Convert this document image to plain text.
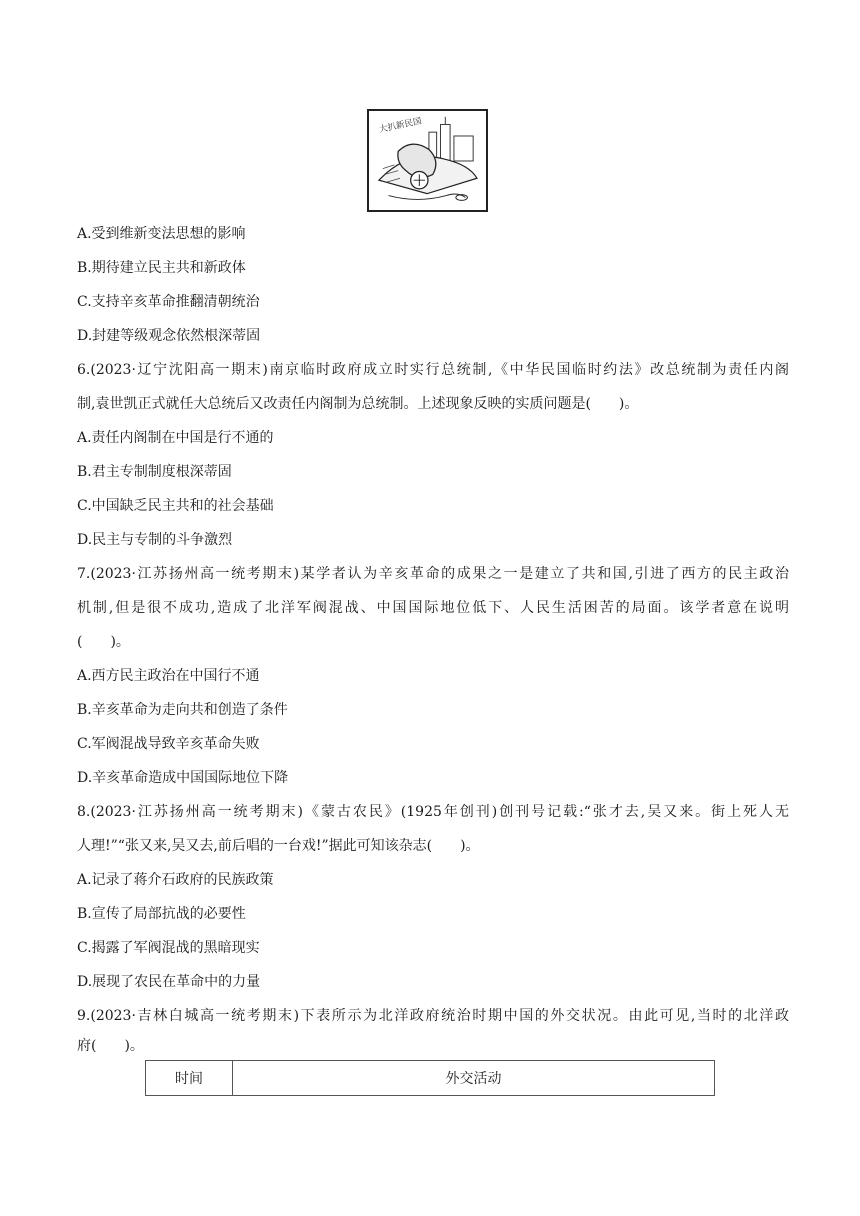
大扒新民国
A.受到维新变法思想的影响
B.期待建立民主共和新政体
C.支持辛亥革命推翻清朝统治
D.封建等级观念依然根深蒂固
6.(2023·辽宁沈阳高一期末)南京临时政府成立时实行总统制,《中华民国临时约法》改总统制为责任内阁
制,袁世凯正式就任大总统后又改责任内阁制为总统制。上述现象反映的实质问题是(　　)。
A.责任内阁制在中国是行不通的
B.君主专制制度根深蒂固
C.中国缺乏民主共和的社会基础
D.民主与专制的斗争激烈
7.(2023·江苏扬州高一统考期末)某学者认为辛亥革命的成果之一是建立了共和国,引进了西方的民主政治
机制,但是很不成功,造成了北洋军阀混战、中国国际地位低下、人民生活困苦的局面。该学者意在说明
(　　)。
A.西方民主政治在中国行不通
B.辛亥革命为走向共和创造了条件
C.军阀混战导致辛亥革命失败
D.辛亥革命造成中国国际地位下降
8.(2023·江苏扬州高一统考期末)《蒙古农民》(1925年创刊)创刊号记载:“张才去,吴又来。街上死人无
人理!”“张又来,吴又去,前后唱的一台戏!”据此可知该杂志(　　)。
A.记录了蒋介石政府的民族政策
B.宣传了局部抗战的必要性
C.揭露了军阀混战的黑暗现实
D.展现了农民在革命中的力量
9.(2023·吉林白城高一统考期末)下表所示为北洋政府统治时期中国的外交状况。由此可见,当时的北洋政
府(　　)。
时间	外交活动
